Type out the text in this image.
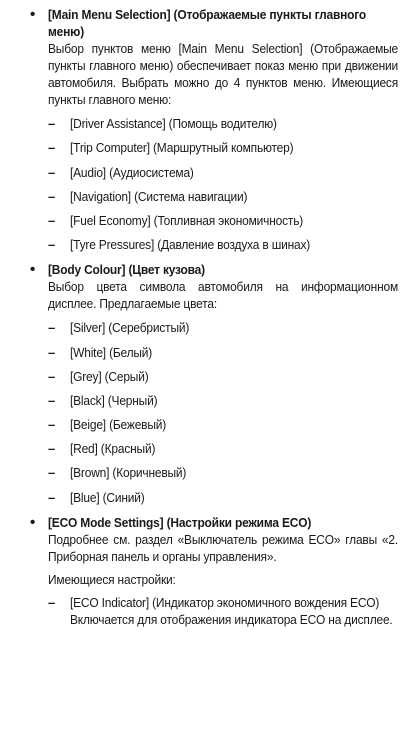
• [Main Menu Selection] (Отображаемые пункты главного меню)
Выбор пунктов меню [Main Menu Selection] (Отображаемые пункты главного меню) обеспечивает показ меню при движении автомобиля. Выбрать можно до 4 пунктов меню. Имеющиеся пункты главного меню:
– [Driver Assistance] (Помощь водителю)
– [Trip Computer] (Маршрутный компьютер)
– [Audio] (Аудиосистема)
– [Navigation] (Система навигации)
– [Fuel Economy] (Топливная экономичность)
– [Tyre Pressures] (Давление воздуха в шинах)
• [Body Colour] (Цвет кузова)
Выбор цвета символа автомобиля на информационном дисплее. Предлагаемые цвета:
– [Silver] (Серебристый)
– [White] (Белый)
– [Grey] (Серый)
– [Black] (Черный)
– [Beige] (Бежевый)
– [Red] (Красный)
– [Brown] (Коричневый)
– [Blue] (Синий)
• [ECO Mode Settings] (Настройки режима ECO)
Подробнее см. раздел «Выключатель режима ECO» главы «2. Приборная панель и органы управления».
Имеющиеся настройки:
– [ECO Indicator] (Индикатор экономичного вождения ECO)
Включается для отображения индикатора ECO на дисплее.
